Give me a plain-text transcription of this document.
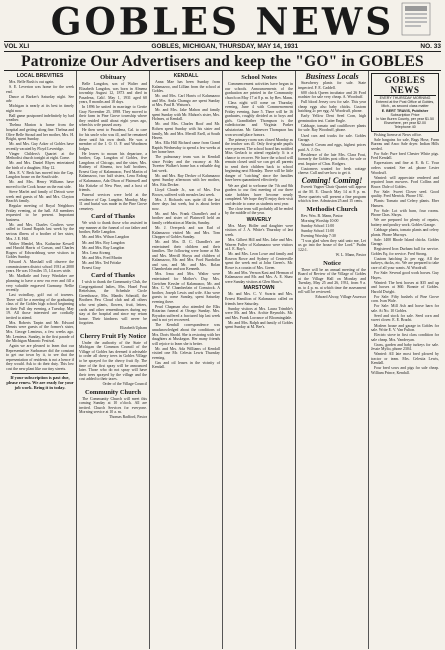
GOBLES NEWS
VOL XLI	GOBLES, MICHIGAN, THURSDAY, MAY 14, 1931	NO. 33
Patronize Our Advertisers and keep the "GO" in GOBLES
LOCAL BREVITIES

Mrs. Belle Rush is out again.

S. E. Leverton was home for the week end.

Dance at Barker's Saturday night. See adv.

Michigan is nearly at its best in timely night now.

Ball game postponed indefinitely by bad weather.

Thelma Marion is home from the hospital and getting along fine. Thelma and Olive Belle Stroud and her mother, Mrs. H. Bright, spent Sunday.

Mr. and Mrs. Guy Acker of Gobles have recently vacated by Floyd Leveridge.

Vinger Childers's Quartet at the Methodist church tonight at eight. Come.

Mr. and Mrs. Daniel Rhyes entertained the birth of a daughter, May 12.

Mrs. E. V. Beck has moved into the Cap. Langdon house on the South side.

Mr. and Mrs. Henry Williams have moved to the Cook house on the east side.

Steve Marlet and family of Detroit were week end guests of Mr. and Mrs. Clayton Beach's family.

Regular meeting of Royal Neighbors Friday evening, at the hall. All members requested to be present. Important business.

Mr. and Mrs. Charles Coulters were called to Grand Rapids last week by the serious illness of a brother of her sister, Mrs. J. E. Hill.

Walter Mendel, Mrs. Katharine Kessell and Harold Harris of Carson, and Charles Rogers of Edwardsburg were visitors in Gobles Sunday.

Edward A. Marshall will observe the commissioners district school 1931 at 2000 years. He was 10 miles 15, 14 acres wide.

Mr. Madkrile and Ivory Windaker are planning to have a new era ever and fill a very valuable engraved Garmany. Nellie recently.

Last swindlary, golf out of towners. There will be a meeting of the graduating class of the Gobles high school beginning in their Full day evening, a Tuesday, May 19. All those interested are cordially invited to attend.

Mrs. Roberts Tarpin and Mr. Edward Dennis were guests of the former's sister, Mrs. George Lemieux, a few weeks ago. Mr. Lemieux. Sunday, in the first parade of the Michigan Masonic Festival.

Again we are pleased to learn that our Representative Surbrasser did the constant to get our town by it, to see that the representation of residents is not a hence if they would. Ask to do their duty. This low cost the new plant like our tiny streets.

If your subscription is past due, please renew. We are ready for your job work. Bring it in today.
Obituary

Belle Langdon, son of Walter and Elizabeth Langdon, was born in Almena township August 12, 1873 and died in Pasadena, Calif. May 1, 1931 aged 60 years, 8 months and 18 days.

In 1896 he united in marriage to Gertie Gray November 25, 1898. They moved to their farm in Pine Grove township where they resided until about eight years ago, when his wife passed away.

He then went to Pasadena, Cal. to care for his uncle who was ill, and he remained there until his own death. He was a member of the I. O. O. F. and Woodmen lodges.

He leaves to mourn his departure, a brother, Cap. Langdon of Gobles, five Langdons of Chicago, and the sister, Mrs. Rodney of Almena, two half brothers, Ernest Gray of Kalamazoo, Fred Martin of Kalamazoo, two half sisters, Lena Erdrag of Kalamazoo, Ada Olson of Plainwell and Ida Kritzke of New Pine, and a host of friends.

Funeral services were held at the residence of Cap. Langdon, Monday, May 11 and burial was made in the Pine Grove cemetery.

Card of Thanks

We wish to thank those who assisted in any manner at the funeral of our father and brother, Belle Langdon.

Mr. and Mrs. Wilson Langdon

Mr. and Mrs. Roy Langdon

Mr. and Mrs. Ray Langdon

Mrs. Lena Atvang

Mr. and Mrs. Fred Martin

Mr. and Mrs. Ted Fritzke

Ernest Gray

Card of Thanks

I wish to thank the Community Club, the Congregational ladies, Mrs. Hazel Fout Rettelsims, the Schedule Circle Greenhouse, Mrs. Mandis Schmidl, the Brothers Paw Cloud club and all others who sent plants, flowers, fruit, letters, cards and other remembrances during my stay at the hospital and since my return home. Their kindness will never be forgotten.

Elizabeth Upham

Cherry Fruit Fly Notice

Under the authority of the State of Michigan the Common Council of the Village of Gobles has deemed it advisable to order all cherry trees in Gobles Village to be sprayed for the cherry fruit fly. The time of the first spray will be announced later. Those who do not spray will have their trees sprayed by the village and the cost added to their taxes.

Order of the Village Council

Community Church

The Community Church will meet this coming Sunday at 10 o'clock. All are invited. Church Services for everyone. Morning service at 10 a. m.

Thomas Radford, Pastor

KENDALL

Anna Mae has been Sunday from Kalamazoo, and Lillian from the school at Gobles.

Mr. and Mrs. Carl Harris of Kalamazoo and Mrs. Anda Chamgo are spent Sunday at Mrs. Paul R. Watson's.

Mr. and Mrs. Jake Mahon and family spent Sunday with Mr. Mahon's sister, Mrs. Holmes, at Kendall.

Mr. and Mrs. Charles Roof and Mr. Rolsen spent Sunday with his sister and family, Mr. and Mrs. Merrill Esell, at South Haven.

Mrs. Ella Hill Richard came from Grand Rapids Wednesday to spend a few weeks at her home here.

The pulmonary team was in Kendall since Friday and the vacancy at Mr. Tweeter Walker's home has a valuable dog last week.

Mr. and Mrs. Ray Decker of Kalamazoo spent Sunday afternoon with her mother, Mrs. Etta Decker.

Lloyd Claude Jr., son of Mrs. Eva Brown, suffered with measles last week.

Mrs. J. Richards was quite ill the last three days last week, but is about better now.

Mr. and Mrs. Frank Chandler's and a brother and sister of Plainwell held an family celebration at Martin, Sunday.

Mr. J. Overpeck and son Earl of Kalamazoo visited Mr. and Mrs. Tom Chopper of Gobles Sunday.

Mr. and Mrs. D. C. Chandler's are entertained their children and their families. The following were home at Mr. and Mrs. Merrill Shoyu and children of Kalamazoo, Mr. and Mrs. Ford Burdollar and son, and Mr. and Mrs. Rolan Chamberlain and son Kenneth.

Mrs. Irma and Mrs. Walter were entertained for Mother's Day. Mrs. Gretchen Kessler of Kalamazoo, Mr. and Mrs. C. W. Chamberlain of Comstock. A brother, Joseph Lewis and wife. Also were guests to come Sunday, spent Saturday evening there.

Pearl Chapman also attended the Elks Rotarian funeral at Otsego Sunday. Mrs. Bryadon suffered a fractured hip last week and is not yet recovered.

The Kendall correspondence was unacknowledged about the conditions of Mrs. Doris Shodd. She is restoring with her daughters at Muskegon. Her many friends will rejoice to learn she is better.

Mr. and Mrs. Ada Williams of Kendall visited one Mr. Celesta Lewis Thursday evening.

Gas and oil leases in the vicinity of Kendall.

School Notes

Commencement activities have begun in our schools. Announcements of the graduation are printed in the Community church on May 17 at 8 p. m. by Rev. Mann.

Class night will come on Thursday evening, June 4 with Commencement Friday evening, June 5. There will be 16 graduates, roughly divided as to boys and girls. Grandfather Thompson is the valedictorian and Virginia Parker salutatorian. Mr. Gainewer Thompson has won second place honors.

The primary room was closed Monday as the teacher was ill. Only first-grade pupils were present. The school board has notified Miss Gerlach to attend regularly. It is a chance to recover. We have the school will remain closed until we can get all parents to send their children back to school beginning next Monday. There will be little danger of "catching" since the families have been quarantined effectively.

We are glad to welcome the 7th and 8th graders to our first meeting of our three state hobbies have become nearly completed. We hope they'll enjoy their visit and decide to come as students next year.

The close term will probably all be ended by the middle of the year.

WAVERLY

Mrs. Mary Holler and daughter were visitors of J. A. White's Thursday of last week.

Mrs. Gilbert Hill and Mrs. Jake and Mrs. Warren Fuller of Kalamazoo were visitors at J. E. Ray's.

Mr. and Mrs. Leon Lowe and family and Roseon Rowe and Sydney of Centerville spent the week end at John Green's. Mr. Rowe is a cousin of Mrs. Green.

Mr. and Mrs. Vernon Kast and Herman of Kalamazoo and Mr. and Mrs. A. E. Shaw were Sunday visitors at Glen Shaw's.

MARSTOWN

Mr. and Mrs. C. V. Swartz and Mrs. Ernest Hamilton of Kalamazoo called on friends here Saturday.

Sunday visitors at Mrs. Laura Trimble's were Mr. and Mrs. Archie Reynolds. Mr. and Mrs. Frank Lorrance of Bloomingdale.

Mr. and Mrs. Ralph and family of Gobles spent Sunday at M. Bee's.

Business Locals

Strawberry plants for sale. State inspected. F. E. Caddell.

600 chick Queen incubator and 26 Ford roadster for sale very cheap. A. Woodruff.

Full blood Jersey cow for sale. This year cheap eggs also baby chicks. Custom hatching 2c per egg. Al Woodruff, phone.

Early Yellow Dent Seed Corn, high germination test. Cutter Engle.

Cabbage, tomato and cauliflower plants for sale. Ray Woodruff, phone.

Used cars and trucks for sale. Gobles Garage.

Wanted: Cream and eggs, highest prices paid. A. J. Orr.

Residence of the late Mrs. Clara Fout, formerly the Gobles post office, for sale or rent. Inquire of Chas. Rodgers.

Customers wanted for fresh cottage cheese. Call and see how to get it.

Coming! Coming!

Everett Vagner Chair Quartet will appear at the M. E. Church May 14 at 8 p. m. These quartets will present a fine program which is free. Admission 25 and 15 cents.

Methodist Church

Rev. Wm. B. Mann, Pastor

Morning Worship 10:00

Sunday School 11:00

Sunday School 11:00

Evening Worship 7:30

"I was glad when they said unto me, Let us go into the house of the Lord." Psalm 122:1.

W. L. Mann, Pastor

Notice

There will be an annual meeting of the Board of Review of the Village of Gobles at the Village Hall on Monday and Tuesday, May 25 and 26, 1931, from 9 a. m. to 4 p. m. at which time the assessment roll will be reviewed.

Edward Alway, Village Assessor

GOBLES NEWS
EVERY THURSDAY MORNING
Entered at the Post Office at Gobles,
Mich., as second class matter
E. BERT TRAVIS, Publisher
Subscription Price
In Van Buren County, per year $1.50
Elsewhere, per year $2.00
Telephone 40

Fishing license at News office.

Sale bargains for sale, Bags Hose, Farm Bureau and Anco Sale dryer. Indian Hills seeded.

For Sale: Pure bred Chester White pigs. Fred Kendall.

Expressions and fine at E. & C. Your orders wanted. See ad. phone Lester Woodruff.

Wanted: will appreciate rendered and repaired lawn mowers. Ford Collins and Bruce. Dale of Gobles.

For Sale: Sweet Clover seed. Good quality. Fred Merrick. Phone 192.

Plants: Tomato and Celery plants. Eber Hansen.

For Sale: Lot with barn, four rooms. Phone Chas. Shoyu.

We are prepared for plenty of repairs, battery and poultry work. Gobles Garage.

Cabbage plants, tomato plants and celery plants. Phone Murrays.

Sale: 1400 Rhode Island chicks. Gobles Garage.

Registered Iron Durham bull for service. Gobles Eq. for service. Fred Strong.

Custom hatching 2c per egg. All the turkeys, ducks, etc. We are prepared to take care of all your wants. Al Woodruff.

For Sale: Several good work horses. Guy Hayes.

Wanted: The best horses at $35 and up and horses at $60. Bonnie of Gobles. Harold Dwight.

For Sale: Fifty bushels of Pine Grove corn. Ivan Wale.

For Sale: Mill Ash and horse barn for sale. At No. 10 Gobles.

Seed and stock for sale. Seed corn and sweet clover. E. E. Bracht.

Modern house and garage in Gobles for sale. Write E. V. Van Fulton.

Electric stove in first class condition for sale cheap. Mrs. Vanderyan.

Grass, garden and baby turkeys for sale. Jessie Mylio, phone 2304.

Wanted: All late most bred plowed by tractor or team. Mrs. Celestia Lewis, Kendall.

Four bred sows and pigs for sale cheap. William Prince, Kendall.
